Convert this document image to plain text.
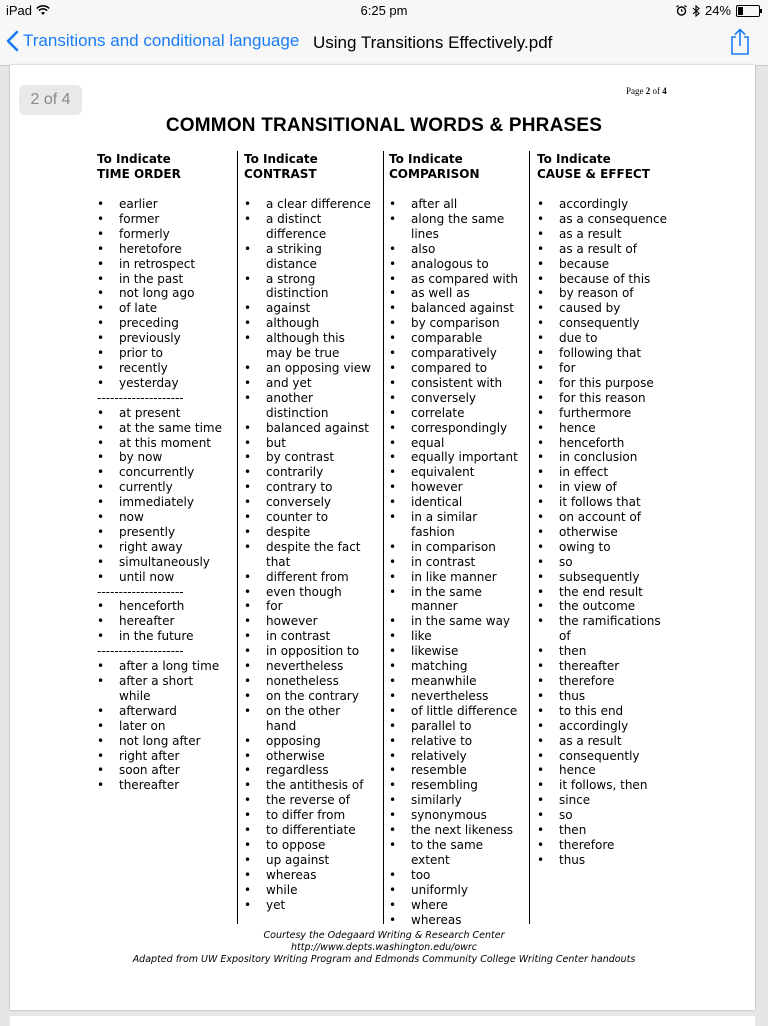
iPad	6:25 pm	24%
Transitions and conditional language Using Transitions Effectively.pdf
2 of 4	Page 2 of 4
COMMON TRANSITIONAL WORDS & PHRASES
To Indicate
TIME ORDER
• earlier
• former
• formerly
• heretofore
• in retrospect
• in the past
• not long ago
• of late
• preceding
• previously
• prior to
• recently
• yesterday
--------------------
• at present
• at the same time
• at this moment
• by now
• concurrently
• currently
• immediately
• now
• presently
• right away
• simultaneously
• until now
--------------------
• henceforth
• hereafter
• in the future
--------------------
• after a long time
• after a short
while
• afterward
• later on
• not long after
• right after
• soon after
• thereafter
To Indicate
CONTRAST
• a clear difference
• a distinct
difference
• a striking
distance
• a strong
distinction
• against
• although
• although this
may be true
• an opposing view
• and yet
• another
distinction
• balanced against
• but
• by contrast
• contrarily
• contrary to
• conversely
• counter to
• despite
• despite the fact
that
• different from
• even though
• for
• however
• in contrast
• in opposition to
• nevertheless
• nonetheless
• on the contrary
• on the other
hand
• opposing
• otherwise
• regardless
• the antithesis of
• the reverse of
• to differ from
• to differentiate
• to oppose
• up against
• whereas
• while
• yet
To Indicate
COMPARISON
• after all
• along the same
lines
• also
• analogous to
• as compared with
• as well as
• balanced against
• by comparison
• comparable
• comparatively
• compared to
• consistent with
• conversely
• correlate
• correspondingly
• equal
• equally important
• equivalent
• however
• identical
• in a similar
fashion
• in comparison
• in contrast
• in like manner
• in the same
manner
• in the same way
• like
• likewise
• matching
• meanwhile
• nevertheless
• of little difference
• parallel to
• relative to
• relatively
• resemble
• resembling
• similarly
• synonymous
• the next likeness
• to the same
extent
• too
• uniformly
• where
• whereas
To Indicate
CAUSE & EFFECT
• accordingly
• as a consequence
• as a result
• as a result of
• because
• because of this
• by reason of
• caused by
• consequently
• due to
• following that
• for
• for this purpose
• for this reason
• furthermore
• hence
• henceforth
• in conclusion
• in effect
• in view of
• it follows that
• on account of
• otherwise
• owing to
• so
• subsequently
• the end result
• the outcome
• the ramifications
of
• then
• thereafter
• therefore
• thus
• to this end
• accordingly
• as a result
• consequently
• hence
• it follows, then
• since
• so
• then
• therefore
• thus
Courtesy the Odegaard Writing & Research Center
http://www.depts.washington.edu/owrc
Adapted from UW Expository Writing Program and Edmonds Community College Writing Center handouts
